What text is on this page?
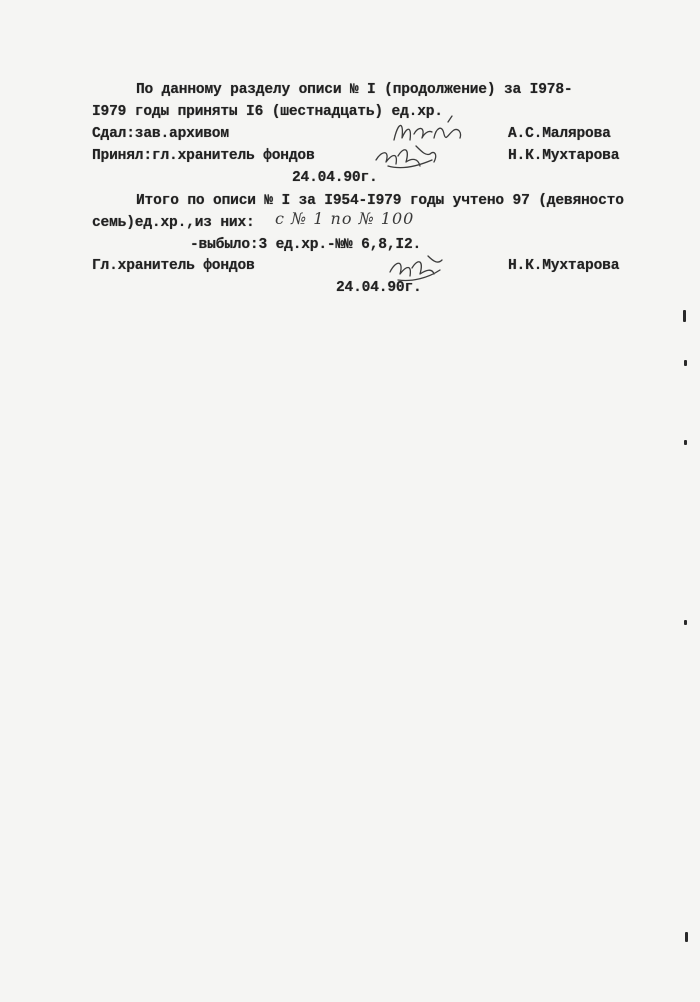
По данному разделу описи № I (продолжение) за I978-
I979 годы приняты I6 (шестнадцать) ед.хр.
Сдал:зав.архивом	А.С.Малярова
Принял:гл.хранитель фондов	Н.К.Мухтарова
24.04.90г.
Итого по описи № I за I954-I979 годы учтено 97 (девяносто
семь)ед.хр.,из них: с № 1 по № 100
-выбыло:3 ед.хр.-№№ 6,8,I2.
Гл.хранитель фондов	Н.К.Мухтарова
24.04.90г.
